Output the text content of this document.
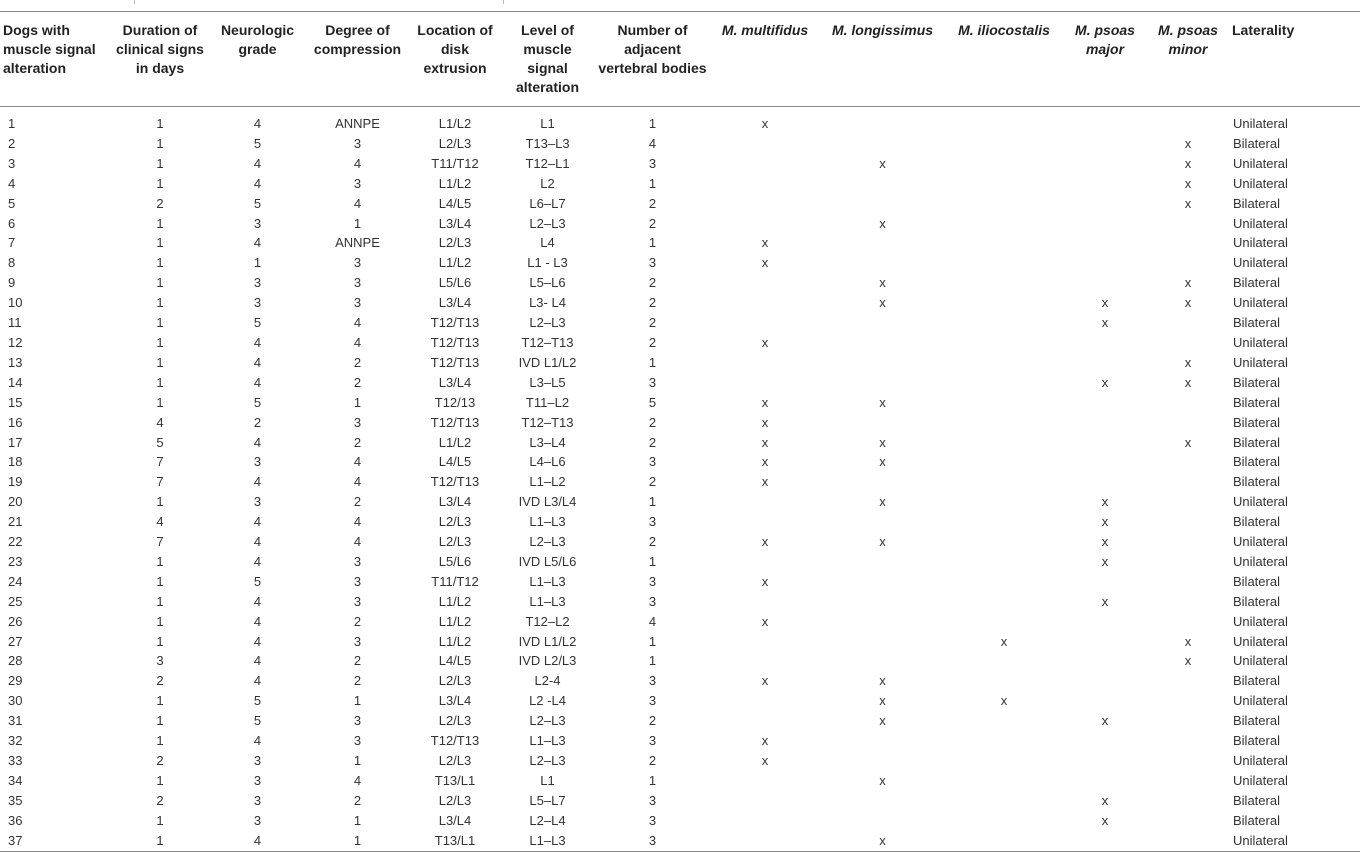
Dogs with muscle signal alteration	Duration of clinical signs in days	Neurologic grade	Degree of compression	Location of disk extrusion	Level of muscle signal alteration	Number of adjacent vertebral bodies	M. multifidus	M. longissimus	M. iliocostalis	M. psoas major	M. psoas minor	Laterality
1	1	4	ANNPE	L1/L2	L1	1	x					Unilateral
2	1	5	3	L2/L3	T13–L3	4					x	Bilateral
3	1	4	4	T11/T12	T12–L1	3		x			x	Unilateral
4	1	4	3	L1/L2	L2	1					x	Unilateral
5	2	5	4	L4/L5	L6–L7	2					x	Bilateral
6	1	3	1	L3/L4	L2–L3	2		x				Unilateral
7	1	4	ANNPE	L2/L3	L4	1	x					Unilateral
8	1	1	3	L1/L2	L1 - L3	3	x					Unilateral
9	1	3	3	L5/L6	L5–L6	2		x			x	Bilateral
10	1	3	3	L3/L4	L3- L4	2		x		x	x	Unilateral
11	1	5	4	T12/T13	L2–L3	2				x		Bilateral
12	1	4	4	T12/T13	T12–T13	2	x					Unilateral
13	1	4	2	T12/T13	IVD L1/L2	1					x	Unilateral
14	1	4	2	L3/L4	L3–L5	3				x	x	Bilateral
15	1	5	1	T12/13	T11–L2	5	x	x				Bilateral
16	4	2	3	T12/T13	T12–T13	2	x					Bilateral
17	5	4	2	L1/L2	L3–L4	2	x	x			x	Bilateral
18	7	3	4	L4/L5	L4–L6	3	x	x				Bilateral
19	7	4	4	T12/T13	L1–L2	2	x					Bilateral
20	1	3	2	L3/L4	IVD L3/L4	1		x		x		Unilateral
21	4	4	4	L2/L3	L1–L3	3				x		Bilateral
22	7	4	4	L2/L3	L2–L3	2	x	x		x		Unilateral
23	1	4	3	L5/L6	IVD L5/L6	1				x		Unilateral
24	1	5	3	T11/T12	L1–L3	3	x					Bilateral
25	1	4	3	L1/L2	L1–L3	3				x		Bilateral
26	1	4	2	L1/L2	T12–L2	4	x					Unilateral
27	1	4	3	L1/L2	IVD L1/L2	1			x		x	Unilateral
28	3	4	2	L4/L5	IVD L2/L3	1					x	Unilateral
29	2	4	2	L2/L3	L2-4	3	x	x				Bilateral
30	1	5	1	L3/L4	L2 -L4	3		x	x			Unilateral
31	1	5	3	L2/L3	L2–L3	2		x		x		Bilateral
32	1	4	3	T12/T13	L1–L3	3	x					Bilateral
33	2	3	1	L2/L3	L2–L3	2	x					Unilateral
34	1	3	4	T13/L1	L1	1		x				Unilateral
35	2	3	2	L2/L3	L5–L7	3				x		Bilateral
36	1	3	1	L3/L4	L2–L4	3				x		Bilateral
37	1	4	1	T13/L1	L1–L3	3		x				Unilateral
